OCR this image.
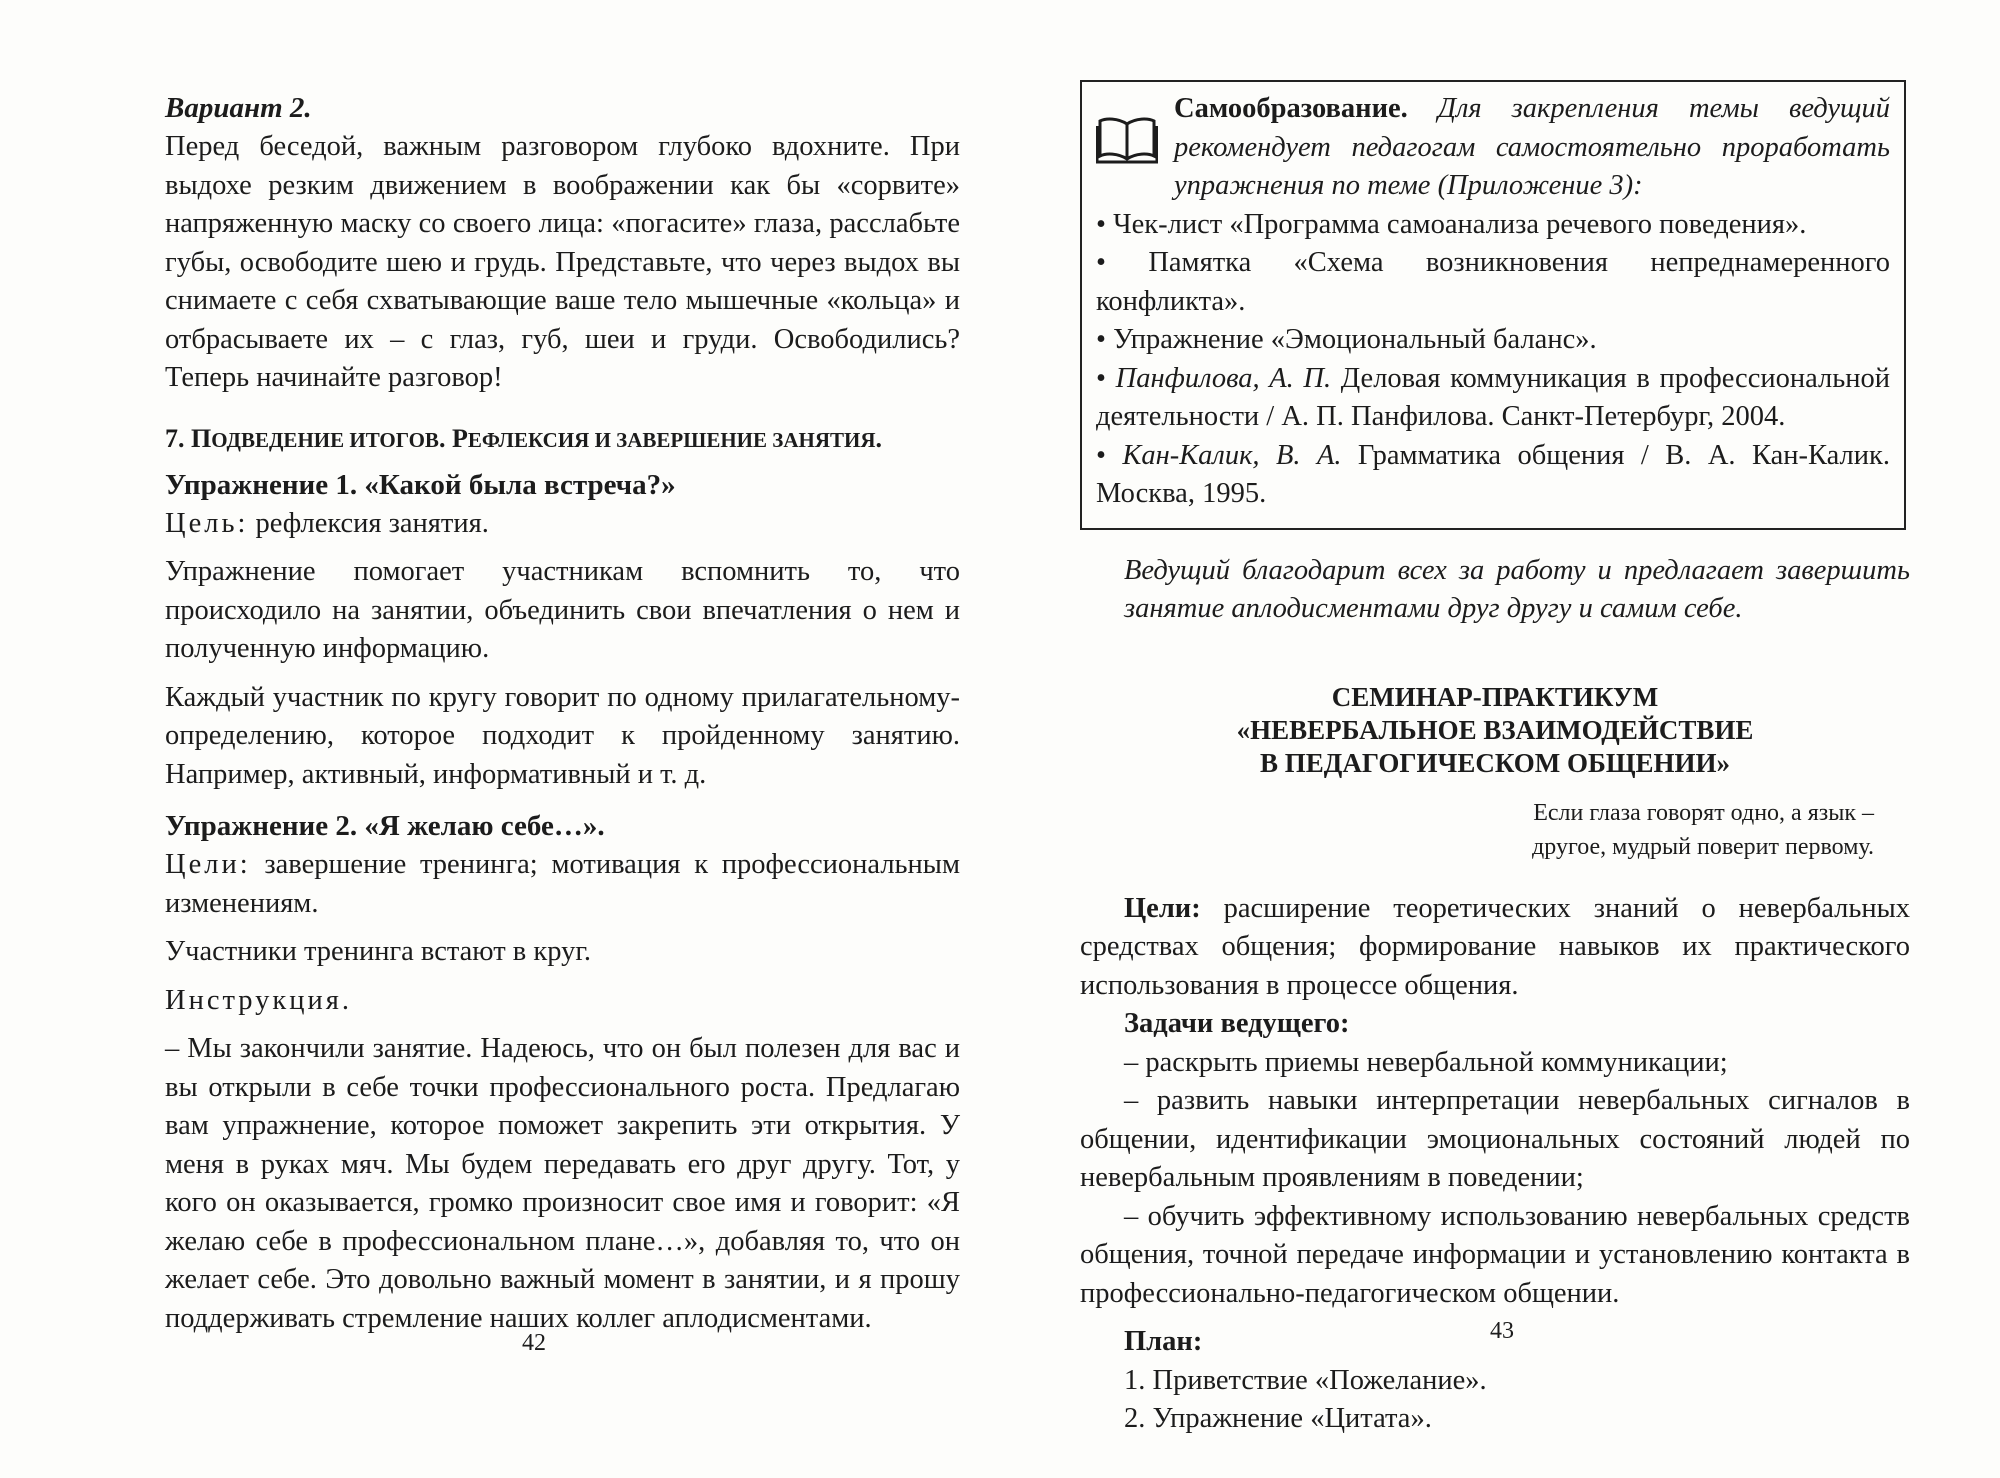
Вариант 2.

Перед беседой, важным разговором глубоко вдохните. При выдохе резким движением в воображении как бы «сорвите» напряженную маску со своего лица: «погасите» глаза, расслабьте губы, освободите шею и грудь. Представьте, что через выдох вы снимаете с себя схватывающие ваше тело мышечные «кольца» и отбрасываете их – с глаз, губ, шеи и груди. Освободились? Теперь начинайте разговор!

7. ПОДВЕДЕНИЕ ИТОГОВ. РЕФЛЕКСИЯ И ЗАВЕРШЕНИЕ ЗАНЯТИЯ.

Упражнение 1. «Какой была встреча?»

Цель: рефлексия занятия.

Упражнение помогает участникам вспомнить то, что происходило на занятии, объединить свои впечатления о нем и полученную информацию.

Каждый участник по кругу говорит по одному прилагательному-определению, которое подходит к пройденному занятию. Например, активный, информативный и т. д.

Упражнение 2. «Я желаю себе…».

Цели: завершение тренинга; мотивация к профессиональным изменениям.

Участники тренинга встают в круг.

Инструкция.

– Мы закончили занятие. Надеюсь, что он был полезен для вас и вы открыли в себе точки профессионального роста. Предлагаю вам упражнение, которое поможет закрепить эти открытия. У меня в руках мяч. Мы будем передавать его друг другу. Тот, у кого он оказывается, громко произносит свое имя и говорит: «Я желаю себе в профессиональном плане…», добавляя то, что он желает себе. Это довольно важный момент в занятии, и я прошу поддерживать стремление наших коллег аплодисментами.

42

Самообразование. Для закрепления темы ведущий рекомендует педагогам самостоятельно проработать упражнения по теме (Приложение 3):

• Чек-лист «Программа самоанализа речевого поведения».

• Памятка «Схема возникновения непреднамеренного конфликта».

• Упражнение «Эмоциональный баланс».

• Панфилова, А. П. Деловая коммуникация в профессиональной деятельности / А. П. Панфилова. Санкт-Петербург, 2004.

• Кан-Калик, В. А. Грамматика общения / В. А. Кан-Калик. Москва, 1995.

Ведущий благодарит всех за работу и предлагает завершить занятие аплодисментами друг другу и самим себе.

СЕМИНАР-ПРАКТИКУМ
«НЕВЕРБАЛЬНОЕ ВЗАИМОДЕЙСТВИЕ
В ПЕДАГОГИЧЕСКОМ ОБЩЕНИИ»
Если глаза говорят одно, а язык –
другое, мудрый поверит первому.

Цели: расширение теоретических знаний о невербальных средствах общения; формирование навыков их практического использования в процессе общения.

Задачи ведущего:

– раскрыть приемы невербальной коммуникации;

– развить навыки интерпретации невербальных сигналов в общении, идентификации эмоциональных состояний людей по невербальным проявлениям в поведении;

– обучить эффективному использованию невербальных средств общения, точной передаче информации и установлению контакта в профессионально-педагогическом общении.

План:

1. Приветствие «Пожелание».

2. Упражнение «Цитата».

43
